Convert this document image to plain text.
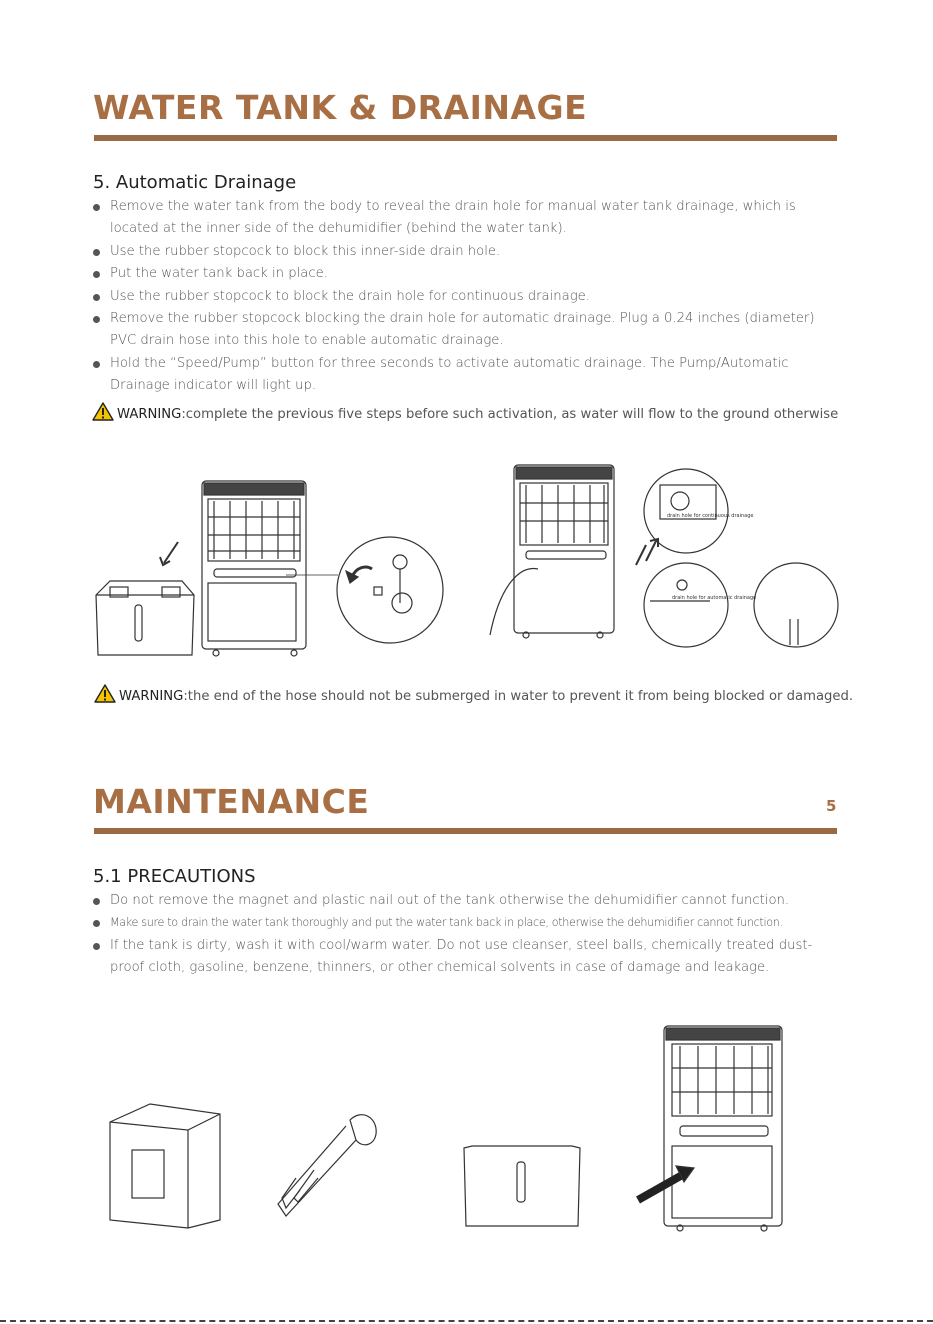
WATER TANK & DRAINAGE
5. Automatic Drainage
Remove the water tank from the body to reveal the drain hole for manual water tank drainage, which is located at the inner side of the dehumidifier (behind the water tank).
Use the rubber stopcock to block this inner-side drain hole.
Put the water tank back in place.
Use the rubber stopcock to block the drain hole for continuous drainage.
Remove the rubber stopcock blocking the drain hole for automatic drainage. Plug a 0.24 inches (diameter) PVC drain hose into this hole to enable automatic drainage.
Hold the “Speed/Pump” button for three seconds to activate automatic drainage. The Pump/Automatic Drainage indicator will light up.
WARNING:complete the previous five steps before such activation, as water will flow to the ground otherwise
drain hole for continuous drainage
drain hole for automatic drainage
WARNING:the end of the hose should not be submerged in water to prevent it from being blocked or damaged.
MAINTENANCE	5
5.1 PRECAUTIONS
Do not remove the magnet and plastic nail out of the tank otherwise the dehumidifier cannot function.
Make sure to drain the water tank thoroughly and put the water tank back in place, otherwise the dehumidifier cannot function.
If the tank is dirty, wash it with cool/warm water. Do not use cleanser, steel balls, chemically treated dust-proof cloth, gasoline, benzene, thinners, or other chemical solvents in case of damage and leakage.
